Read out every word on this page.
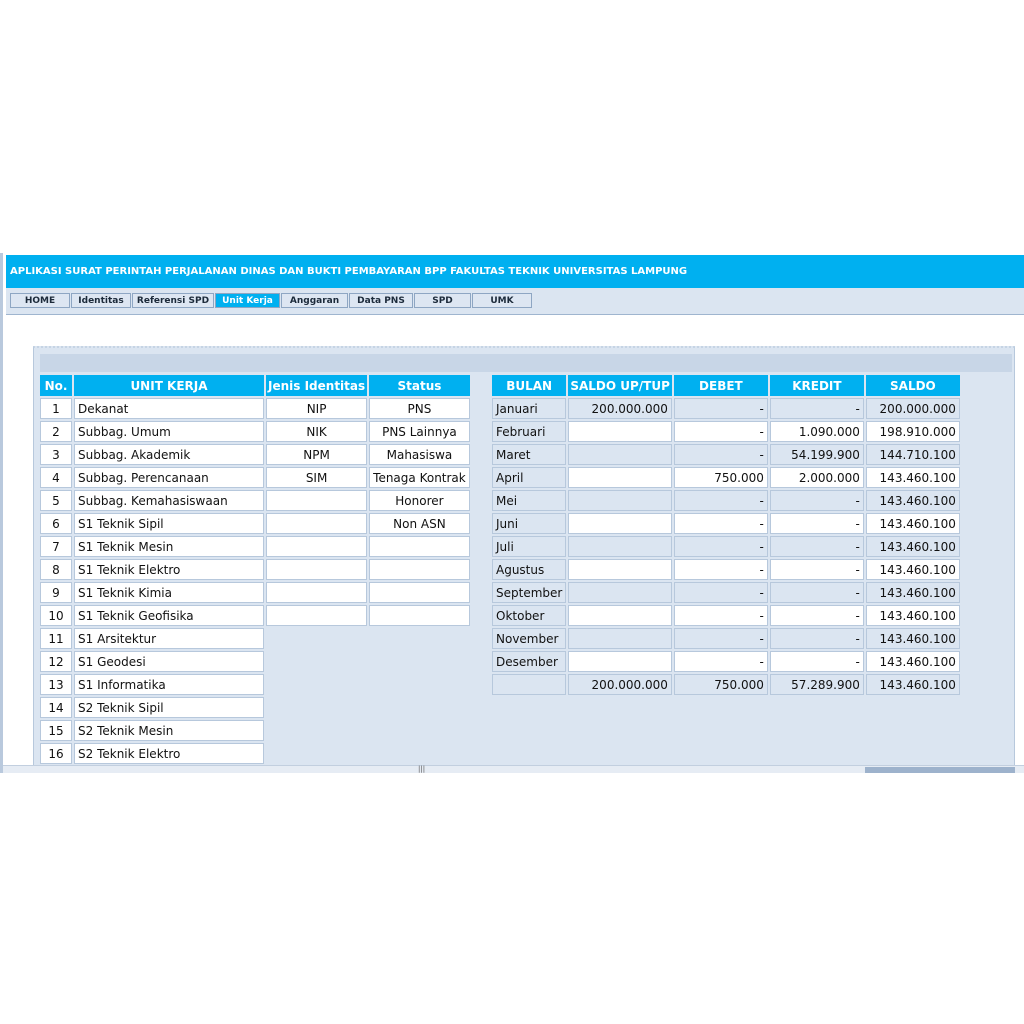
APLIKASI SURAT PERINTAH PERJALANAN DINAS DAN BUKTI PEMBAYARAN BPP FAKULTAS TEKNIK UNIVERSITAS LAMPUNG
HOME	Identitas	Referensi SPD	Unit Kerja	Anggaran	Data PNS	SPD	UMK
No.	UNIT KERJA	Jenis Identitas	Status
1	Dekanat	NIP	PNS
2	Subbag. Umum	NIK	PNS Lainnya
3	Subbag. Akademik	NPM	Mahasiswa
4	Subbag. Perencanaan	SIM	Tenaga Kontrak
5	Subbag. Kemahasiswaan		Honorer
6	S1 Teknik Sipil		Non ASN
7	S1 Teknik Mesin		
8	S1 Teknik Elektro		
9	S1 Teknik Kimia		
10	S1 Teknik Geofisika		
11	S1 Arsitektur		
12	S1 Geodesi		
13	S1 Informatika		
14	S2 Teknik Sipil		
15	S2 Teknik Mesin		
16	S2 Teknik Elektro		
BULAN	SALDO UP/TUP	DEBET	KREDIT	SALDO
Januari	200.000.000	-	-	200.000.000
Februari		-	1.090.000	198.910.000
Maret		-	54.199.900	144.710.100
April		750.000	2.000.000	143.460.100
Mei		-	-	143.460.100
Juni		-	-	143.460.100
Juli		-	-	143.460.100
Agustus		-	-	143.460.100
September		-	-	143.460.100
Oktober		-	-	143.460.100
November		-	-	143.460.100
Desember		-	-	143.460.100
	200.000.000	750.000	57.289.900	143.460.100
|||
